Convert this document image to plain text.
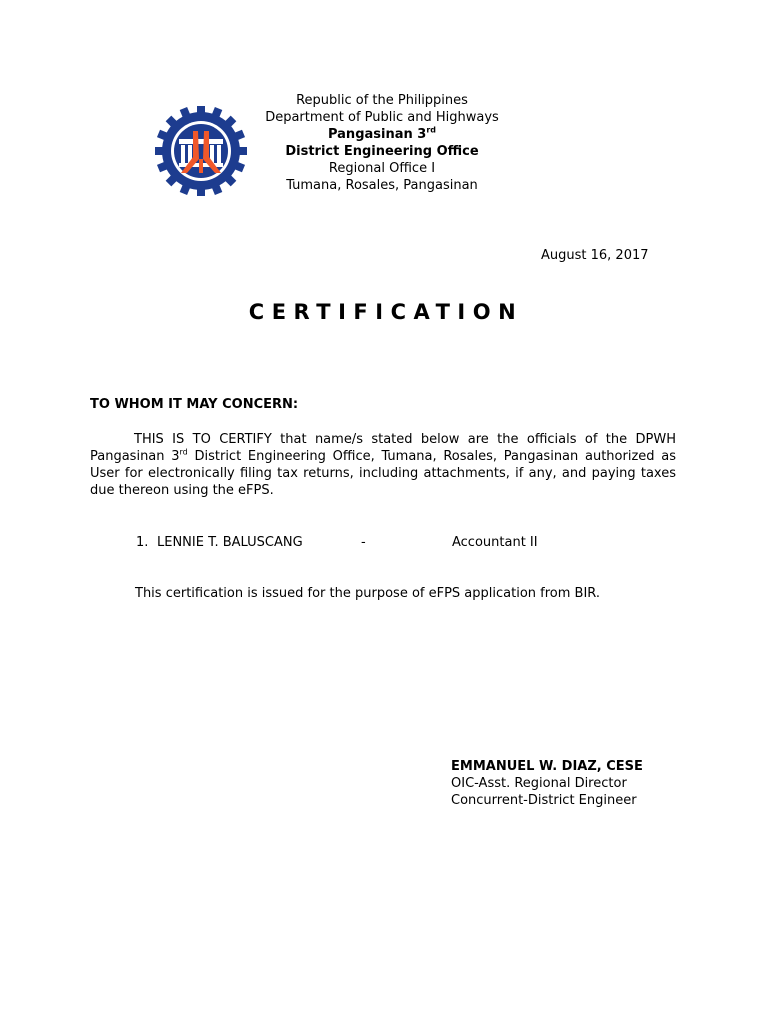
Republic of the Philippines
Department of Public and Highways
Pangasinan 3rd
District Engineering Office
Regional Office I
Tumana, Rosales, Pangasinan
August 16, 2017
CERTIFICATION
TO WHOM IT MAY CONCERN:
THIS IS TO CERTIFY that name/s stated below are the officials of the DPWH Pangasinan 3rd District Engineering Office, Tumana, Rosales, Pangasinan authorized as User for electronically filing tax returns, including attachments, if any, and paying taxes due thereon using the eFPS.
1. LENNIE T. BALUSCANG	-	Accountant II
This certification is issued for the purpose of eFPS application from BIR.
EMMANUEL W. DIAZ, CESE
OIC-Asst. Regional Director
Concurrent-District Engineer
